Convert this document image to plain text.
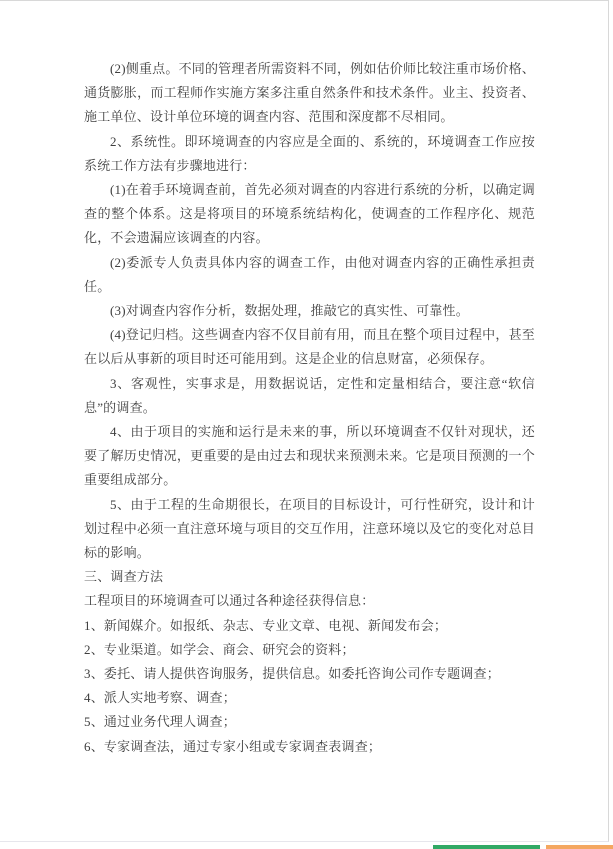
(2)侧重点。不同的管理者所需资料不同，例如估价师比较注重市场价格、通货膨胀，而工程师作实施方案多注重自然条件和技术条件。业主、投资者、施工单位、设计单位环境的调查内容、范围和深度都不尽相同。

2、系统性。即环境调查的内容应是全面的、系统的，环境调查工作应按系统工作方法有步骤地进行：

(1)在着手环境调查前，首先必须对调查的内容进行系统的分析，以确定调查的整个体系。这是将项目的环境系统结构化，使调查的工作程序化、规范化，不会遗漏应该调查的内容。

(2)委派专人负责具体内容的调查工作，由他对调查内容的正确性承担责任。

(3)对调查内容作分析，数据处理，推敲它的真实性、可靠性。

(4)登记归档。这些调查内容不仅目前有用，而且在整个项目过程中，甚至在以后从事新的项目时还可能用到。这是企业的信息财富，必须保存。

3、客观性，实事求是，用数据说话，定性和定量相结合，要注意“软信息”的调查。

4、由于项目的实施和运行是未来的事，所以环境调查不仅针对现状，还要了解历史情况，更重要的是由过去和现状来预测未来。它是项目预测的一个重要组成部分。

5、由于工程的生命期很长，在项目的目标设计，可行性研究，设计和计划过程中必须一直注意环境与项目的交互作用，注意环境以及它的变化对总目标的影响。

三、调查方法

工程项目的环境调查可以通过各种途径获得信息：

1、新闻媒介。如报纸、杂志、专业文章、电视、新闻发布会；

2、专业渠道。如学会、商会、研究会的资料；

3、委托、请人提供咨询服务，提供信息。如委托咨询公司作专题调查；

4、派人实地考察、调查；

5、通过业务代理人调查；

6、专家调查法，通过专家小组或专家调查表调查；
